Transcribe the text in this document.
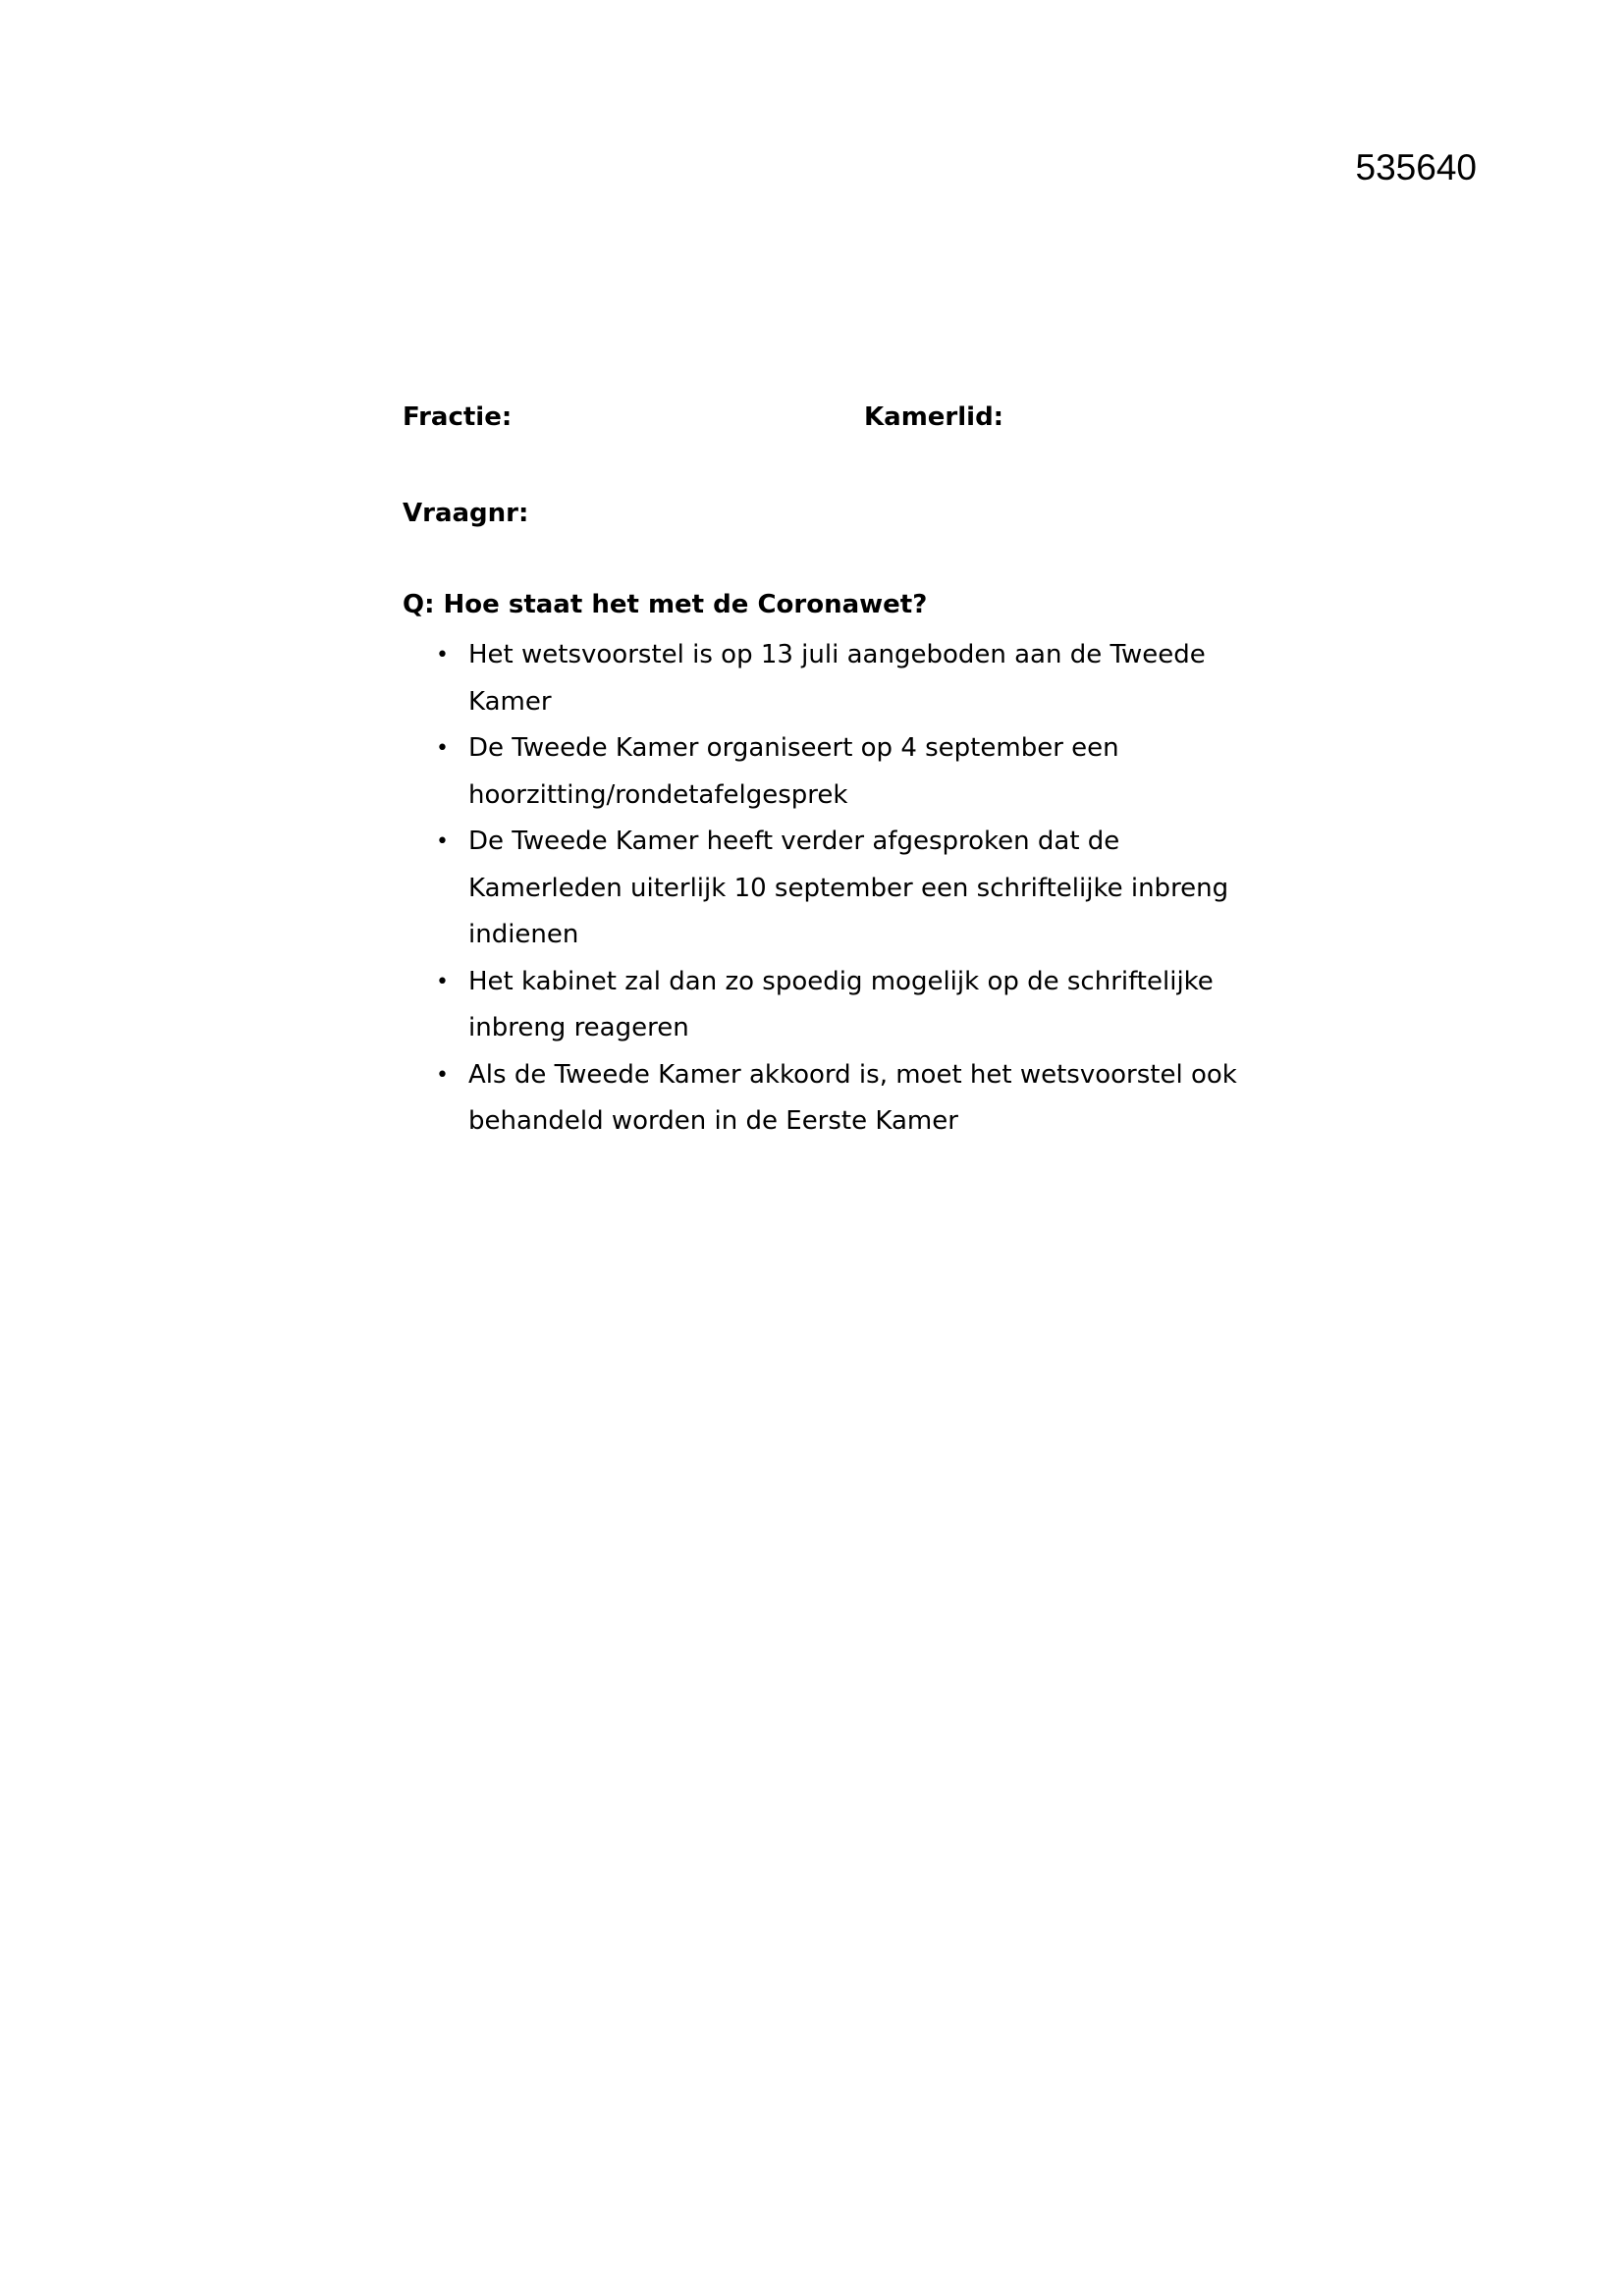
535640
Fractie:	Kamerlid:
Vraagnr:
Q: Hoe staat het met de Coronawet?
• Het wetsvoorstel is op 13 juli aangeboden aan de Tweede Kamer
• De Tweede Kamer organiseert op 4 september een hoorzitting/rondetafelgesprek
• De Tweede Kamer heeft verder afgesproken dat de Kamerleden uiterlijk 10 september een schriftelijke inbreng indienen
• Het kabinet zal dan zo spoedig mogelijk op de schriftelijke inbreng reageren
• Als de Tweede Kamer akkoord is, moet het wetsvoorstel ook behandeld worden in de Eerste Kamer
